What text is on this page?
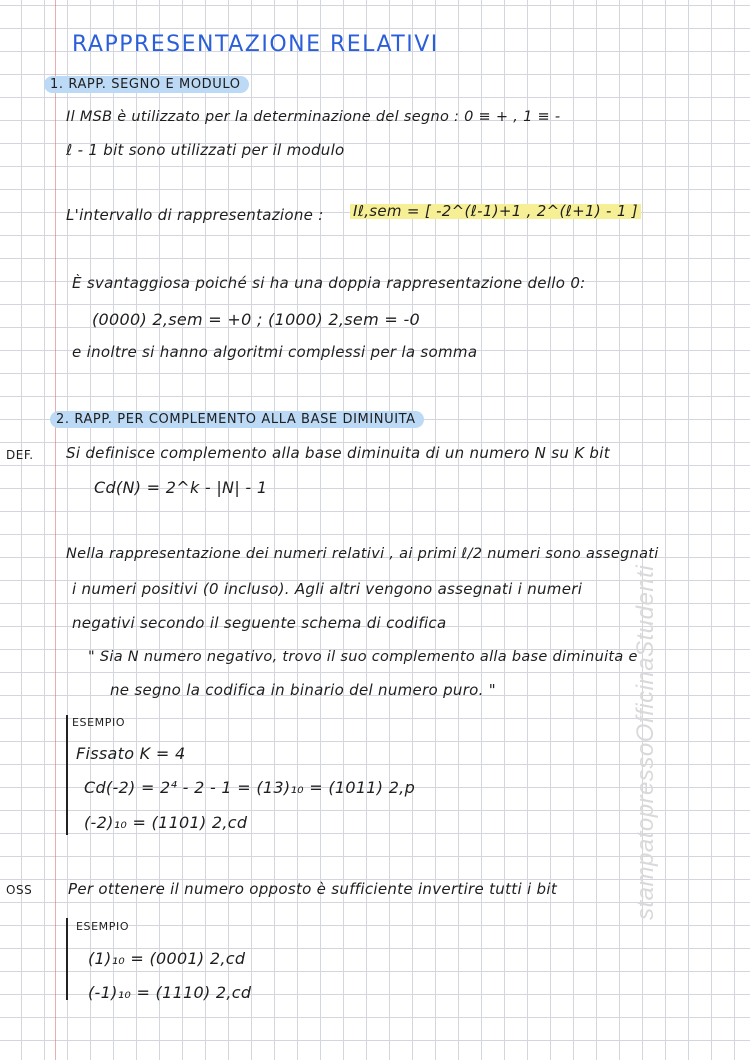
RAPPRESENTAZIONE RELATIVI
1. RAPP. SEGNO E MODULO
Il MSB è utilizzato per la determinazione del segno : 0 ≡ + , 1 ≡ -
ℓ - 1 bit sono utilizzati per il modulo
L'intervallo di rappresentazione : Iℓ,sem = [ -2^(ℓ-1)+1 , 2^(ℓ+1) - 1 ]
È svantaggiosa poiché si ha una doppia rappresentazione dello 0:
(0000) 2,sem = +0 ; (1000) 2,sem = -0
e inoltre si hanno algoritmi complessi per la somma
2. RAPP. PER COMPLEMENTO ALLA BASE DIMINUITA
DEF. Si definisce complemento alla base diminuita di un numero N su K bit
Cd(N) = 2^k - |N| - 1
Nella rappresentazione dei numeri relativi , ai primi ℓ/2 numeri sono assegnati
i numeri positivi (0 incluso). Agli altri vengono assegnati i numeri
negativi secondo il seguente schema di codifica
" Sia N numero negativo, trovo il suo complemento alla base diminuita e
ne segno la codifica in binario del numero puro. "
ESEMPIO
Fissato K = 4
Cd(-2) = 2⁴ - 2 - 1 = (13)₁₀ = (1011) 2,p
(-2)₁₀ = (1101) 2,cd
OSS Per ottenere il numero opposto è sufficiente invertire tutti i bit
ESEMPIO
(1)₁₀ = (0001) 2,cd
(-1)₁₀ = (1110) 2,cd
stampatopressoOfficinaStudenti
